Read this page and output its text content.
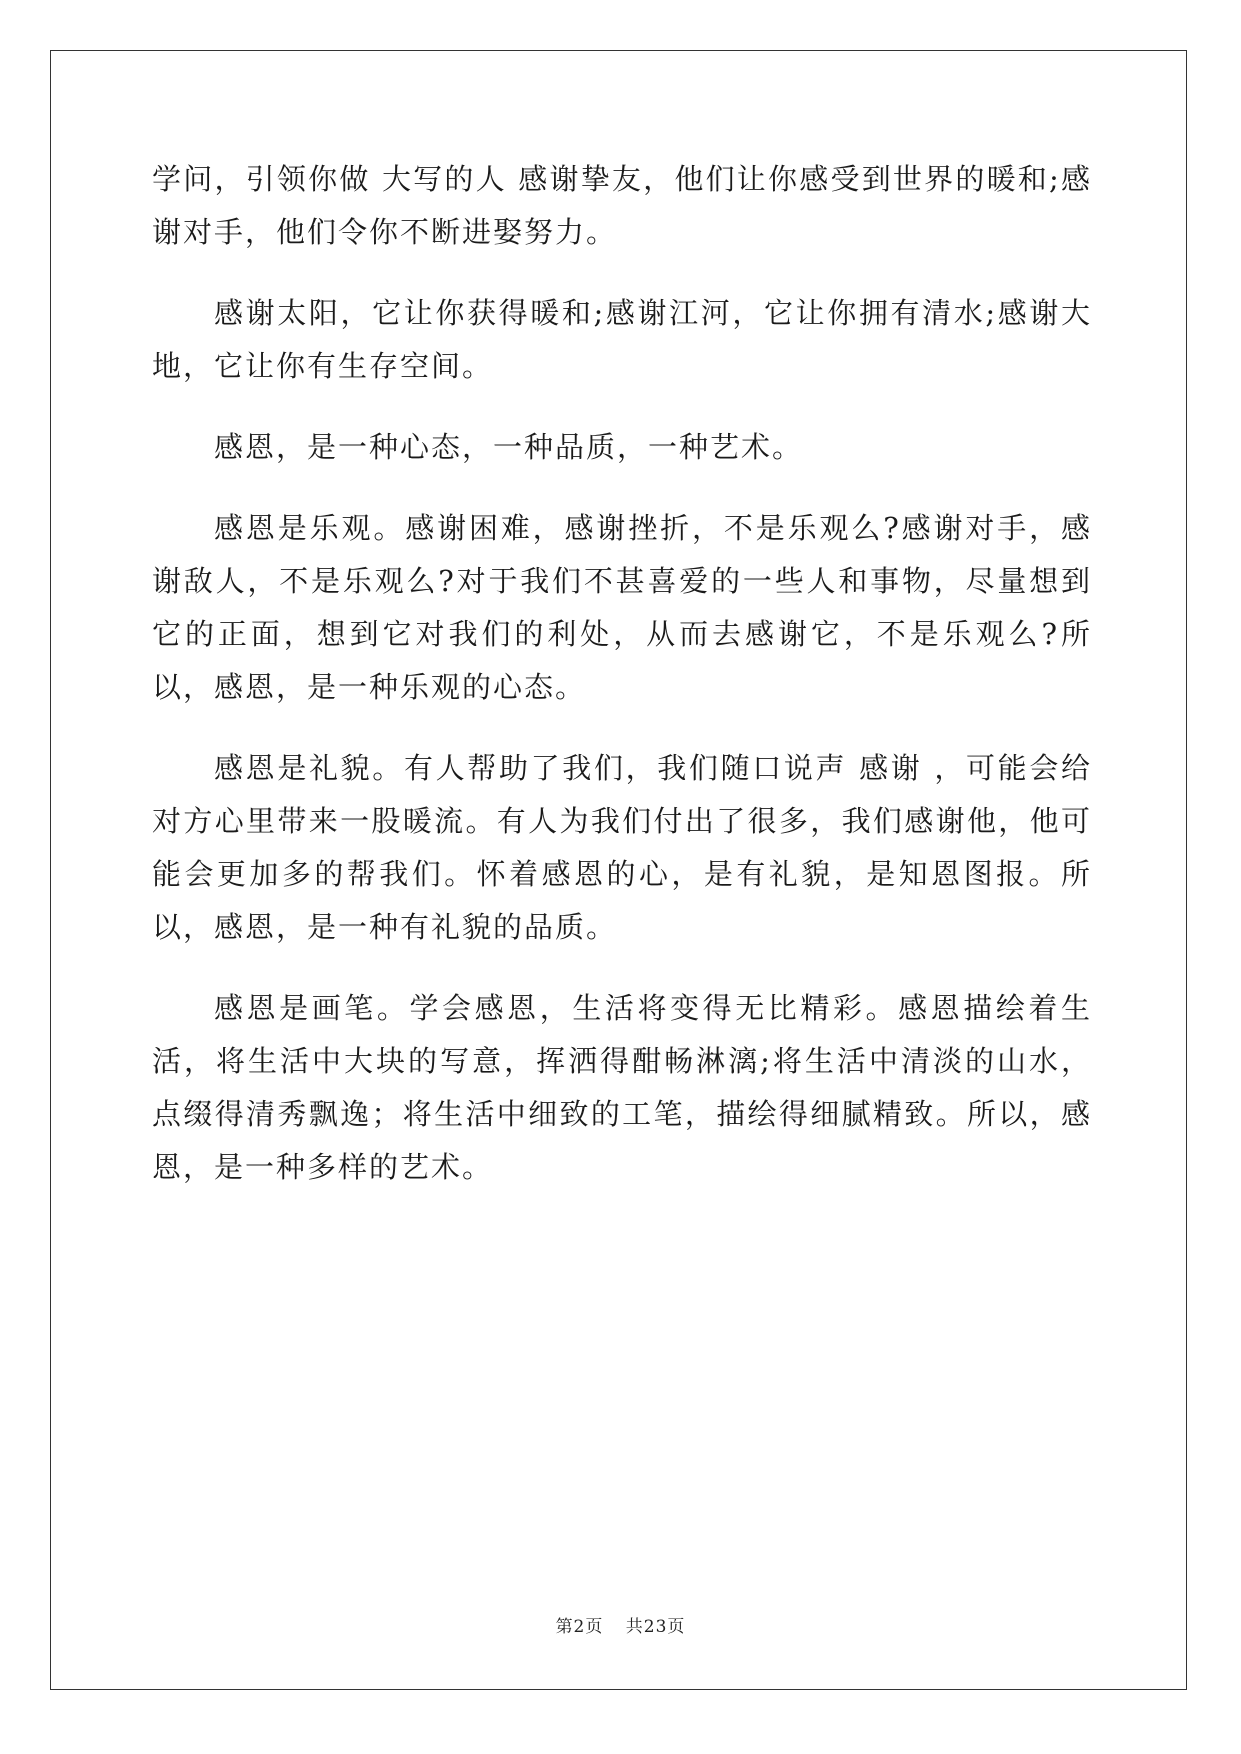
学问，引领你做 大写的人 感谢挚友，他们让你感受到世界的暖和;感谢对手，他们令你不断进娶努力。

感谢太阳，它让你获得暖和;感谢江河，它让你拥有清水;感谢大地，它让你有生存空间。

感恩，是一种心态，一种品质，一种艺术。

感恩是乐观。感谢困难，感谢挫折，不是乐观么?感谢对手，感谢敌人，不是乐观么?对于我们不甚喜爱的一些人和事物，尽量想到它的正面，想到它对我们的利处，从而去感谢它，不是乐观么?所以，感恩，是一种乐观的心态。

感恩是礼貌。有人帮助了我们，我们随口说声 感谢 ，可能会给对方心里带来一股暖流。有人为我们付出了很多，我们感谢他，他可能会更加多的帮我们。怀着感恩的心，是有礼貌，是知恩图报。所以，感恩，是一种有礼貌的品质。

感恩是画笔。学会感恩，生活将变得无比精彩。感恩描绘着生活，将生活中大块的写意，挥洒得酣畅淋漓;将生活中清淡的山水，点缀得清秀飘逸；将生活中细致的工笔，描绘得细腻精致。所以，感恩，是一种多样的艺术。

第2页 共23页
